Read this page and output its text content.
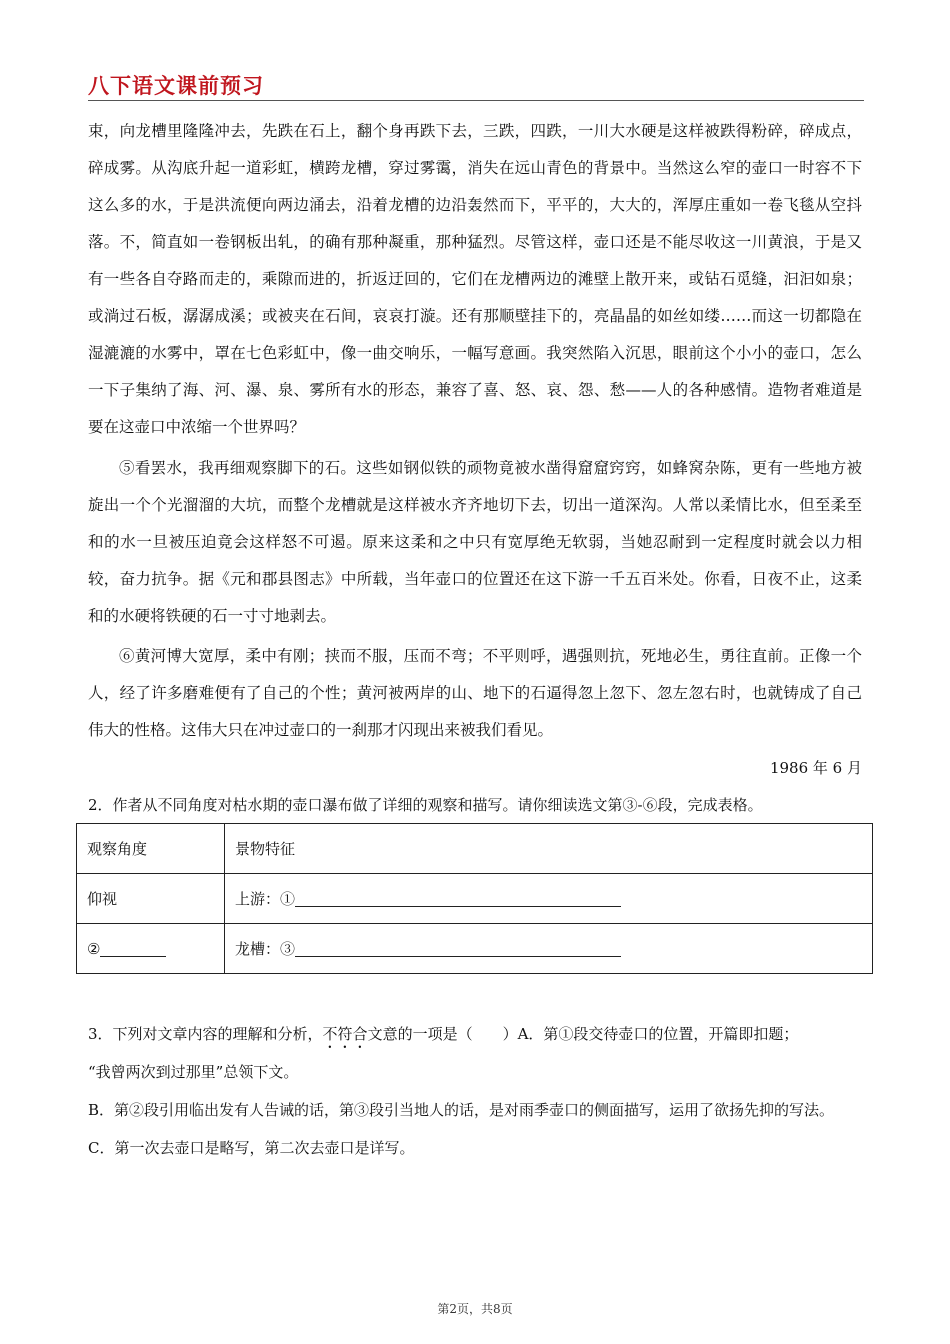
八下语文课前预习
束，向龙槽里隆隆冲去，先跌在石上，翻个身再跌下去，三跌，四跌，一川大水硬是这样被跌得粉碎，碎成点，碎成雾。从沟底升起一道彩虹，横跨龙槽，穿过雾霭，消失在远山青色的背景中。当然这么窄的壶口一时容不下这么多的水，于是洪流便向两边涌去，沿着龙槽的边沿轰然而下，平平的，大大的，浑厚庄重如一卷飞毯从空抖落。不，简直如一卷钢板出轧，的确有那种凝重，那种猛烈。尽管这样，壶口还是不能尽收这一川黄浪，于是又有一些各自夺路而走的，乘隙而进的，折返迂回的，它们在龙槽两边的滩壁上散开来，或钻石觅缝，汩汩如泉；或淌过石板，潺潺成溪；或被夹在石间，哀哀打漩。还有那顺壁挂下的，亮晶晶的如丝如缕……而这一切都隐在湿漉漉的水雾中，罩在七色彩虹中，像一曲交响乐，一幅写意画。我突然陷入沉思，眼前这个小小的壶口，怎么一下子集纳了海、河、瀑、泉、雾所有水的形态，兼容了喜、怒、哀、怨、愁——人的各种感情。造物者难道是要在这壶口中浓缩一个世界吗？
⑤看罢水，我再细观察脚下的石。这些如钢似铁的顽物竟被水凿得窟窟窍窍，如蜂窝杂陈，更有一些地方被旋出一个个光溜溜的大坑，而整个龙槽就是这样被水齐齐地切下去，切出一道深沟。人常以柔情比水，但至柔至和的水一旦被压迫竟会这样怒不可遏。原来这柔和之中只有宽厚绝无软弱，当她忍耐到一定程度时就会以力相较，奋力抗争。据《元和郡县图志》中所载，当年壶口的位置还在这下游一千五百米处。你看，日夜不止，这柔和的水硬将铁硬的石一寸寸地剥去。
⑥黄河博大宽厚，柔中有刚；挟而不服，压而不弯；不平则呼，遇强则抗，死地必生，勇往直前。正像一个人，经了许多磨难便有了自己的个性；黄河被两岸的山、地下的石逼得忽上忽下、忽左忽右时，也就铸成了自己伟大的性格。这伟大只在冲过壶口的一刹那才闪现出来被我们看见。
1986 年 6 月
2．作者从不同角度对枯水期的壶口瀑布做了详细的观察和描写。请你细读选文第③-⑥段，完成表格。
观察角度	景物特征
仰视	上游：①
②	龙槽：③

3．下列对文章内容的理解和分析，不符合文意的一项是（　　）A．第①段交待壶口的位置，开篇即扣题；

“我曾两次到过那里”总领下文。

B．第②段引用临出发有人告诫的话，第③段引当地人的话，是对雨季壶口的侧面描写，运用了欲扬先抑的写法。

C．第一次去壶口是略写，第二次去壶口是详写。

第2页，共8页
